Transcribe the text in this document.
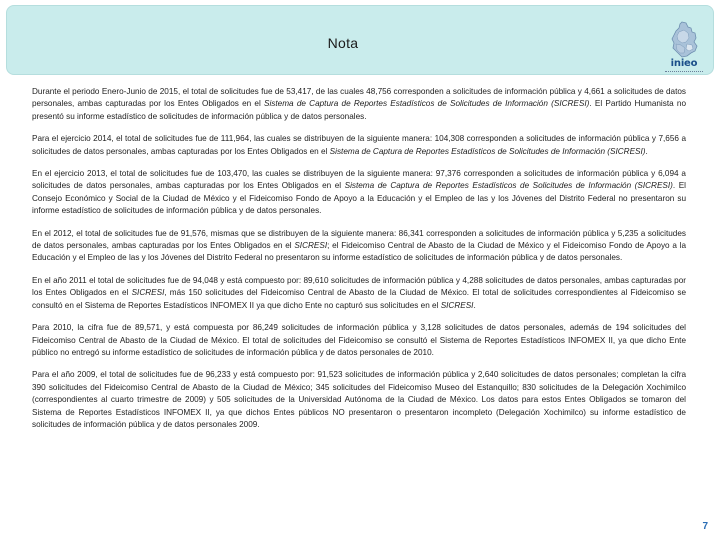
Nota
inieo

Durante el periodo Enero-Junio de 2015, el total de solicitudes fue de 53,417, de las cuales 48,756 corresponden a solicitudes de información pública y 4,661 a solicitudes de datos personales, ambas capturadas por los Entes Obligados en el Sistema de Captura de Reportes Estadísticos de Solicitudes de Información (SICRESI). El Partido Humanista no presentó su informe estadístico de solicitudes de información pública y de datos personales.

Para el ejercicio 2014, el total de solicitudes fue de 111,964, las cuales se distribuyen de la siguiente manera: 104,308 corresponden a solicitudes de información pública y 7,656 a solicitudes de datos personales, ambas capturadas por los Entes Obligados en el Sistema de Captura de Reportes Estadísticos de Solicitudes de Información (SICRESI).

En el ejercicio 2013, el total de solicitudes fue de 103,470, las cuales se distribuyen de la siguiente manera: 97,376 corresponden a solicitudes de información pública y 6,094 a solicitudes de datos personales, ambas capturadas por los Entes Obligados en el Sistema de Captura de Reportes Estadísticos de Solicitudes de Información (SICRESI). El Consejo Económico y Social de la Ciudad de México y el Fideicomiso Fondo de Apoyo a la Educación y el Empleo de las y los Jóvenes del Distrito Federal no presentaron su informe estadístico de solicitudes de información pública y de datos personales.

En el 2012, el total de solicitudes fue de 91,576, mismas que se distribuyen de la siguiente manera: 86,341 corresponden a solicitudes de información pública y 5,235 a solicitudes de datos personales, ambas capturadas por los Entes Obligados en el SICRESI; el Fideicomiso Central de Abasto de la Ciudad de México y el Fideicomiso Fondo de Apoyo a la Educación y el Empleo de las y los Jóvenes del Distrito Federal no presentaron su informe estadístico de solicitudes de información pública y de datos personales.

En el año 2011 el total de solicitudes fue de 94,048 y está compuesto por: 89,610 solicitudes de información pública y 4,288 solicitudes de datos personales, ambas capturadas por los Entes Obligados en el SICRESI, más 150 solicitudes del Fideicomiso Central de Abasto de la Ciudad de México. El total de solicitudes correspondientes al Fideicomiso se consultó en el Sistema de Reportes Estadísticos INFOMEX II ya que dicho Ente no capturó sus solicitudes en el SICRESI.

Para 2010, la cifra fue de 89,571, y está compuesta por 86,249 solicitudes de información pública y 3,128 solicitudes de datos personales, además de 194 solicitudes del Fideicomiso Central de Abasto de la Ciudad de México. El total de solicitudes del Fideicomiso se consultó el Sistema de Reportes Estadísticos INFOMEX II, ya que dicho Ente público no entregó su informe estadístico de solicitudes de información pública y de datos personales de 2010.

Para el año 2009, el total de solicitudes fue de 96,233 y está compuesto por: 91,523 solicitudes de información pública y 2,640 solicitudes de datos personales; completan la cifra 390 solicitudes del Fideicomiso Central de Abasto de la Ciudad de México; 345 solicitudes del Fideicomiso Museo del Estanquillo; 830 solicitudes de la Delegación Xochimilco (correspondientes al cuarto trimestre de 2009) y 505 solicitudes de la Universidad Autónoma de la Ciudad de México. Los datos para estos Entes Obligados se tomaron del Sistema de Reportes Estadísticos INFOMEX II, ya que dichos Entes públicos NO presentaron o presentaron incompleto (Delegación Xochimilco) su informe estadístico de solicitudes de información pública y de datos personales 2009.

7
